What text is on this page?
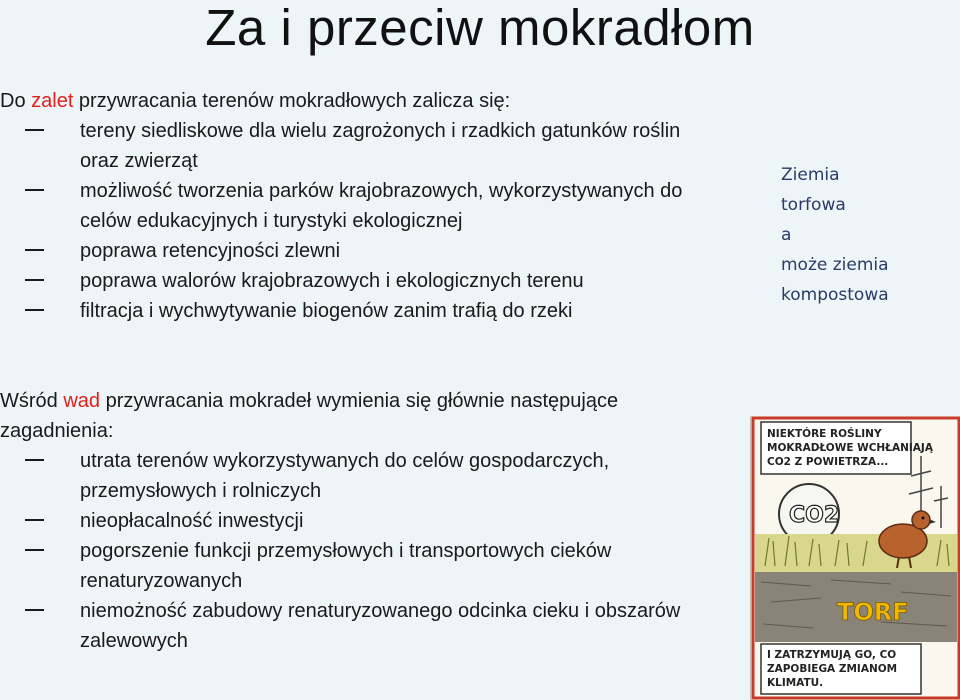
Za i przeciw mokradłom

Do zalet przywracania terenów mokradłowych zalicza się:

tereny siedliskowe dla wielu zagrożonych i rzadkich gatunków roślin oraz zwierząt
możliwość tworzenia parków krajobrazowych, wykorzystywanych do celów edukacyjnych i turystyki ekologicznej
poprawa retencyjności zlewni
poprawa walorów krajobrazowych i ekologicznych terenu
filtracja i wychwytywanie biogenów zanim trafią do rzeki
Ziemia
torfowa
a
może ziemia
kompostowa

Wśród wad przywracania mokradeł wymienia się głównie następujące zagadnienia:

utrata terenów wykorzystywanych do celów gospodarczych, przemysłowych i rolniczych
nieopłacalność inwestycji
pogorszenie funkcji przemysłowych i transportowych cieków renaturyzowanych
niemożność zabudowy renaturyzowanego odcinka cieku i obszarów zalewowych
NIEKTÓRE ROŚLINY
MOKRADŁOWE WCHŁANIAJĄ
CO2 Z POWIETRZA...
CO2
TORF
I ZATRZYMUJĄ GO, CO
ZAPOBIEGA ZMIANOM
KLIMATU.
